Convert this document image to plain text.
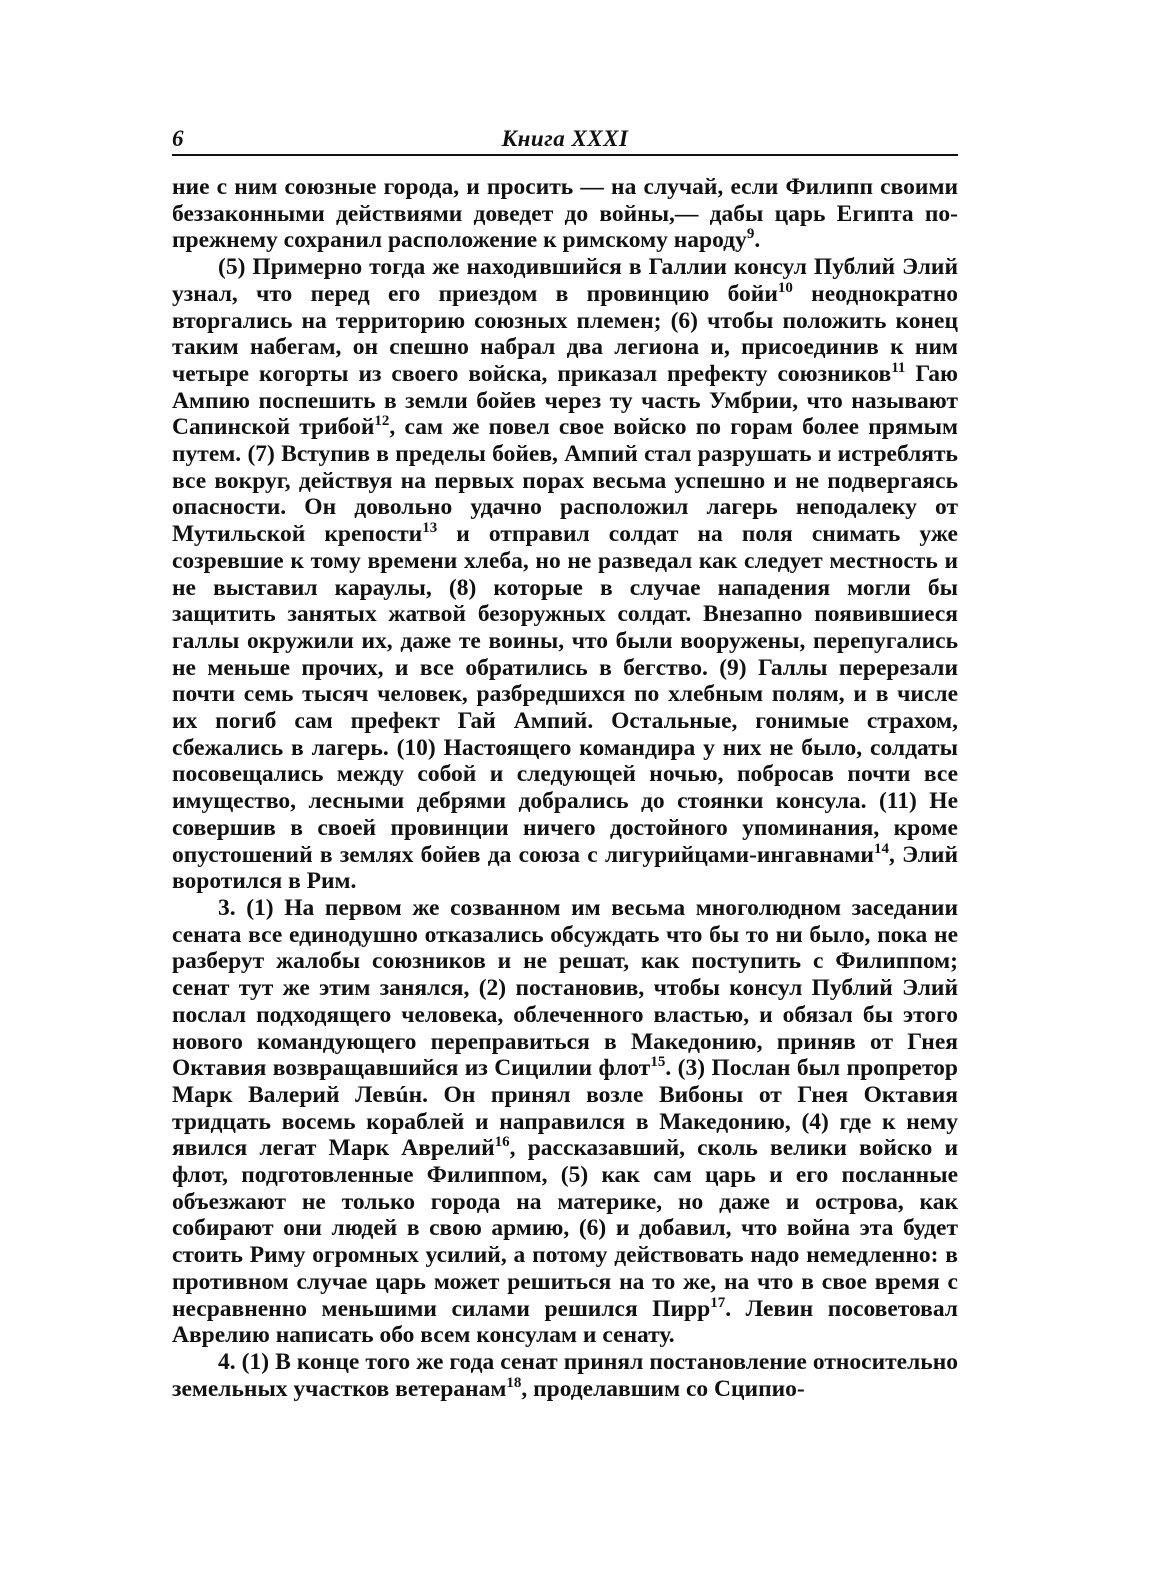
6	Книга XXXI

ние с ним союзные города, и просить — на случай, если Филипп своими беззаконными действиями доведет до войны,— дабы царь Египта по-прежнему сохранил расположение к римскому народу$^9$.

(5) Примерно тогда же находившийся в Галлии консул Публий Элий узнал, что перед его приездом в провинцию бойи$^{10}$ неоднократно вторгались на территорию союзных племен; (6) чтобы положить конец таким набегам, он спешно набрал два легиона и, присоединив к ним четыре когорты из своего войска, приказал префекту союзников$^{11}$ Гаю Ампию поспешить в земли бойев через ту часть Умбрии, что называют Сапинской трибой$^{12}$, сам же повел свое войско по горам более прямым путем. (7) Вступив в пределы бойев, Ампий стал разрушать и истреблять все вокруг, действуя на первых порах весьма успешно и не подвергаясь опасности. Он довольно удачно расположил лагерь неподалеку от Мутильской крепости$^{13}$ и отправил солдат на поля снимать уже созревшие к тому времени хлеба, но не разведал как следует местность и не выставил караулы, (8) которые в случае нападения могли бы защитить занятых жатвой безоружных солдат. Внезапно появившиеся галлы окружили их, даже те воины, что были вооружены, перепугались не меньше прочих, и все обратились в бегство. (9) Галлы перерезали почти семь тысяч человек, разбредшихся по хлебным полям, и в числе их погиб сам префект Гай Ампий. Остальные, гонимые страхом, сбежались в лагерь. (10) Настоящего командира у них не было, солдаты посовещались между собой и следующей ночью, побросав почти все имущество, лесными дебрями добрались до стоянки консула. (11) Не совершив в своей провинции ничего достойного упоминания, кроме опустошений в землях бойев да союза с лигурийцами-ингавнами$^{14}$, Элий воротился в Рим.

3. (1) На первом же созванном им весьма многолюдном заседании сената все единодушно отказались обсуждать что бы то ни было, пока не разберут жалобы союзников и не решат, как поступить с Филиппом; сенат тут же этим занялся, (2) постановив, чтобы консул Публий Элий послал подходящего человека, облеченного властью, и обязал бы этого нового командующего переправиться в Македонию, приняв от Гнея Октавия возвращавшийся из Сицилии флот$^{15}$. (3) Послан был пропретор Марк Валерий Левúн. Он принял возле Вибоны от Гнея Октавия тридцать восемь кораблей и направился в Македонию, (4) где к нему явился легат Марк Аврелий$^{16}$, рассказавший, сколь велики войско и флот, подготовленные Филиппом, (5) как сам царь и его посланные объезжают не только города на материке, но даже и острова, как собирают они людей в свою армию, (6) и добавил, что война эта будет стоить Риму огромных усилий, а потому действовать надо немедленно: в противном случае царь может решиться на то же, на что в свое время с несравненно меньшими силами решился Пирр$^{17}$. Левин посоветовал Аврелию написать обо всем консулам и сенату.

4. (1) В конце того же года сенат принял постановление относительно земельных участков ветеранам$^{18}$, проделавшим со Сципио-
